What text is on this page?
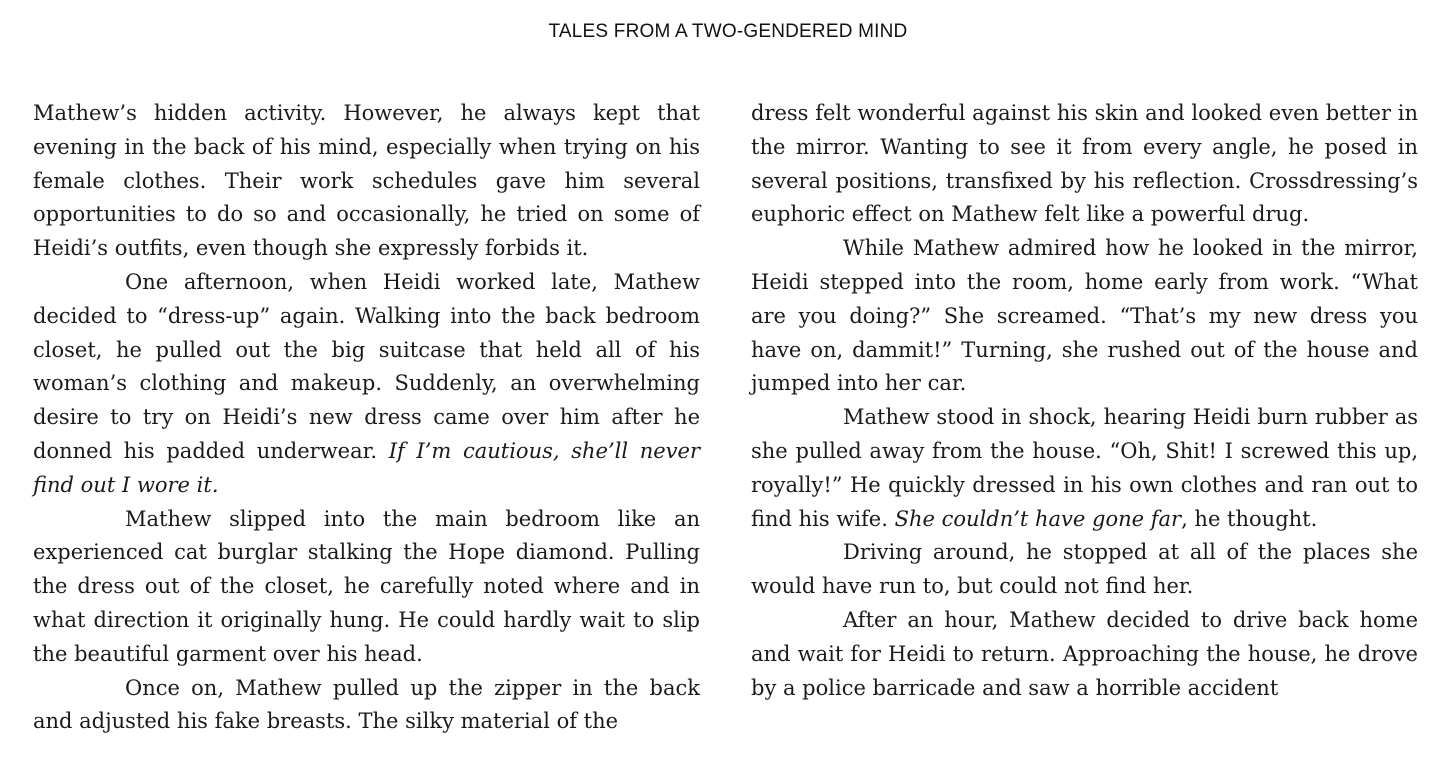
TALES FROM A TWO-GENDERED MIND

Mathew’s hidden activity. However, he always kept that evening in the back of his mind, especially when trying on his female clothes. Their work schedules gave him several opportunities to do so and occasionally, he tried on some of Heidi’s outfits, even though she expressly forbids it.

One afternoon, when Heidi worked late, Mathew decided to “dress-up” again. Walking into the back bedroom closet, he pulled out the big suitcase that held all of his woman’s clothing and makeup. Suddenly, an overwhelming desire to try on Heidi’s new dress came over him after he donned his padded underwear. If I’m cautious, she’ll never find out I wore it.

Mathew slipped into the main bedroom like an experienced cat burglar stalking the Hope diamond. Pulling the dress out of the closet, he carefully noted where and in what direction it originally hung. He could hardly wait to slip the beautiful garment over his head.

Once on, Mathew pulled up the zipper in the back and adjusted his fake breasts. The silky material of the

dress felt wonderful against his skin and looked even better in the mirror. Wanting to see it from every angle, he posed in several positions, transfixed by his reflection. Crossdressing’s euphoric effect on Mathew felt like a powerful drug.

While Mathew admired how he looked in the mirror, Heidi stepped into the room, home early from work. “What are you doing?” She screamed. “That’s my new dress you have on, dammit!” Turning, she rushed out of the house and jumped into her car.

Mathew stood in shock, hearing Heidi burn rubber as she pulled away from the house. “Oh, Shit! I screwed this up, royally!” He quickly dressed in his own clothes and ran out to find his wife. She couldn’t have gone far, he thought.

Driving around, he stopped at all of the places she would have run to, but could not find her.

After an hour, Mathew decided to drive back home and wait for Heidi to return. Approaching the house, he drove by a police barricade and saw a horrible accident
